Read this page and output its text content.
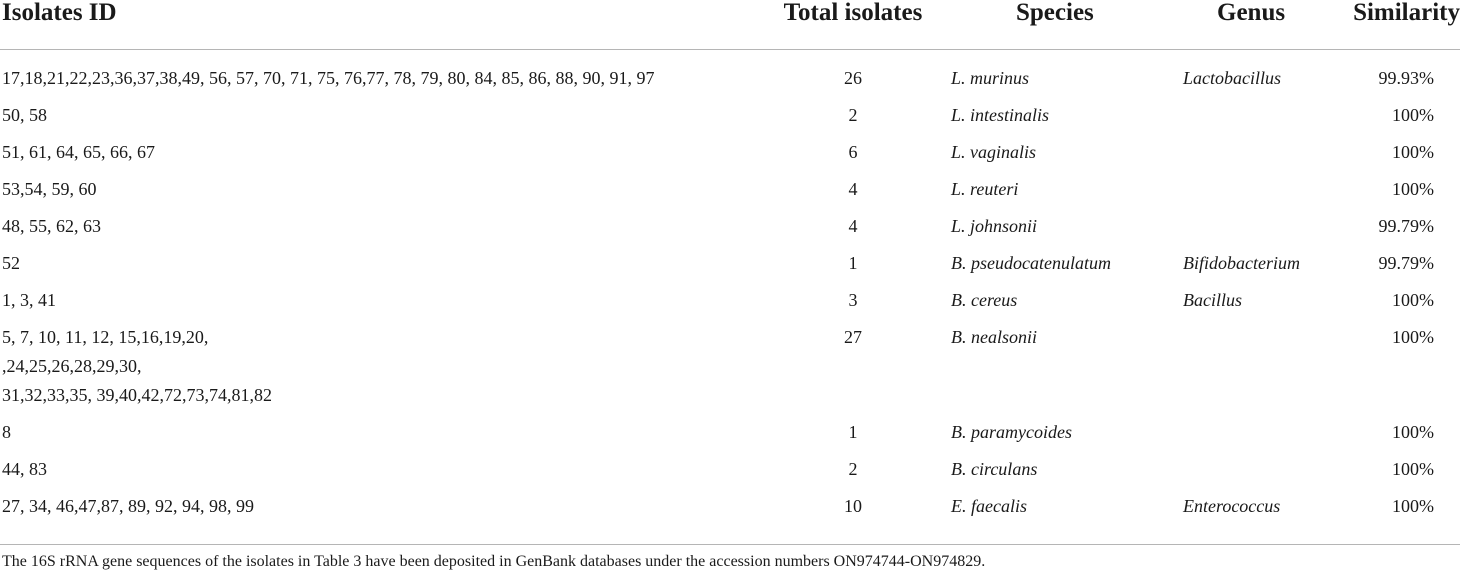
Isolates ID	Total isolates	Species	Genus	Similarity

17,18,21,22,23,36,37,38,49, 56, 57, 70, 71, 75, 76,77, 78, 79, 80, 84, 85, 86, 88, 90, 91, 97	26	L. murinus	Lactobacillus	99.93%

50, 58	2	L. intestinalis		100%

51, 61, 64, 65, 66, 67	6	L. vaginalis		100%

53,54, 59, 60	4	L. reuteri		100%

48, 55, 62, 63	4	L. johnsonii		99.79%

52	1	B. pseudocatenulatum	Bifidobacterium	99.79%

1, 3, 41	3	B. cereus	Bacillus	100%

5, 7, 10, 11, 12, 15,16,19,20,
,24,25,26,28,29,30,
31,32,33,35, 39,40,42,72,73,74,81,82	27	B. nealsonii		100%

8	1	B. paramycoides		100%

44, 83	2	B. circulans		100%

27, 34, 46,47,87, 89, 92, 94, 98, 99	10	E. faecalis	Enterococcus	100%
The 16S rRNA gene sequences of the isolates in Table 3 have been deposited in GenBank databases under the accession numbers ON974744-ON974829.
